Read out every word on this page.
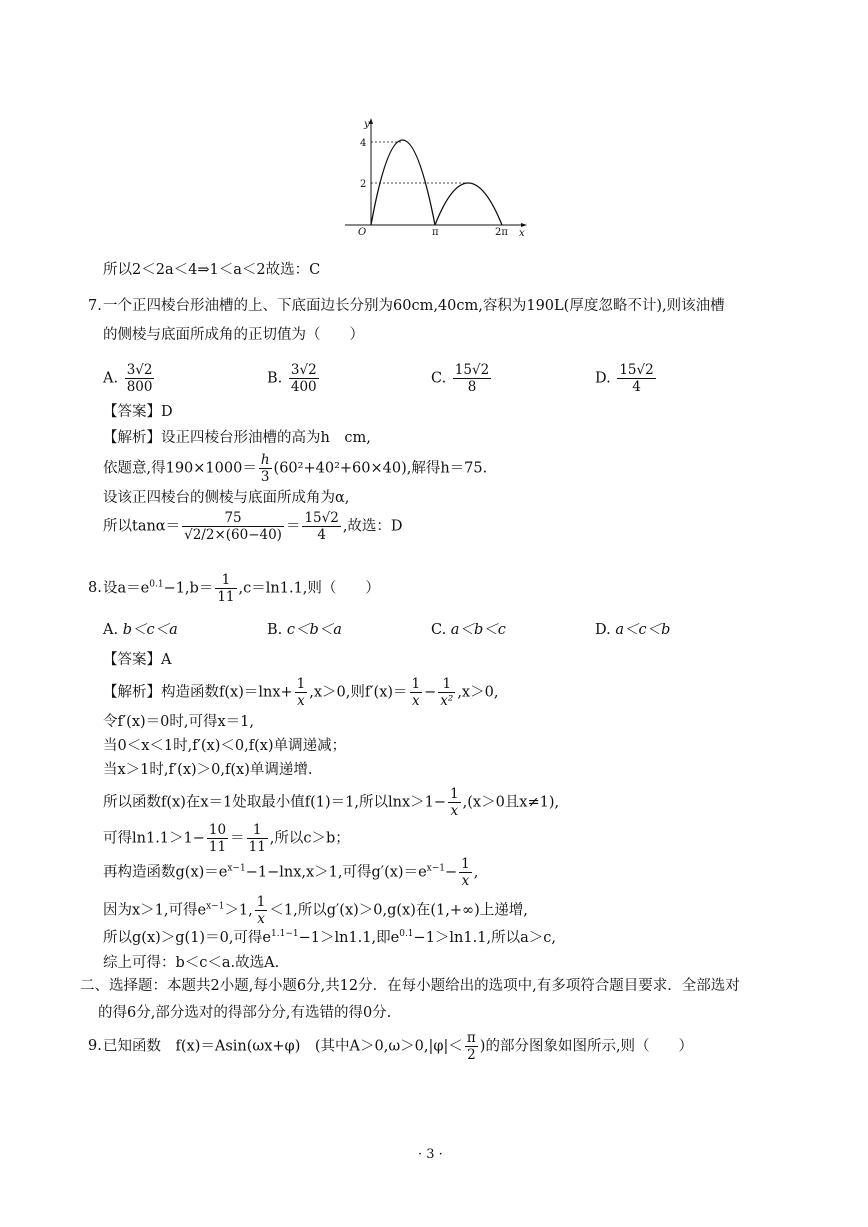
y
x
4
2
O	π	2π
所以2＜2a＜4⇒1＜a＜2故选：C
7. 一个正四棱台形油槽的上、下底面边长分别为60cm,40cm,容积为190L(厚度忽略不计),则该油槽
的侧棱与底面所成角的正切值为（　　）
A. $\frac{3√2}{800}$	B. $\frac{3√2}{400}$	C. $\frac{15√2}{8}$	D. $\frac{15√2}{4}$
【答案】D
【解析】设正四棱台形油槽的高为h　cm,
依题意,得$190\times 1000= \frac{h}{3} (60^2+40^2+60\times 40)$,解得h＝75.
设该正四棱台的侧棱与底面所成角为α,
所以$\tan\alpha= \frac{75}{√2/2\times(60-40)} = \frac{15√2}{4}$ ,故选：D
8. 设$a=e^{0.1}-1,b= \frac{1}{11} ,c=\ln 1.1$,则（　　）
A. b＜c＜a	B. c＜b＜a	C. a＜b＜c	D. a＜c＜b
【答案】A
【解析】构造函数$f(x)=\ln x+ \frac{1}{x} ,x>0$,则$f'(x)= \frac{1}{x} - \frac{1}{\text{x²}} ,x>0$,
令f′(x)＝0时,可得x＝1,
当0＜x＜1时,f′(x)＜0,f(x)单调递减；
当x＞1时,f′(x)＞0,f(x)单调递增.
所以函数f(x)在x＝1处取最小值f(1)＝1,所以$\ln x>1- \frac{1}{x} ,(x>0$且x≠1),
可得$\ln 1.1>1- \frac{10}{11} = \frac{1}{11}$ ,所以c＞b；
再构造函数$g(x)=e^{x-1}-1-\ln x,x>1$,可得$g'(x)=e^{x-1}- \frac{1}{x}$ ,
因为x＞1,可得$e^{x-1}>1$, $\frac{1}{x} <1$,所以g′(x)＞0,g(x)在(1,+∞)上递增,
所以g(x)＞g(1)＝0,可得$e^{1.1-1}-1>\ln 1.1$,即$e^{0.1}-1>\ln 1.1$,所以a＞c,
综上可得：b＜c＜a.故选A.
二、选择题：本题共2小题,每小题6分,共12分．在每小题给出的选项中,有多项符合题目要求．全部选对
的得6分,部分选对的得部分分,有选错的得0分.
9. 已知函数　f(x)＝Asin(ωx+φ)　(其中$A>0,\omega>0,|\varphi|< \frac{\pi}{2}$ )的部分图象如图所示,则（　　）
· 3 ·
